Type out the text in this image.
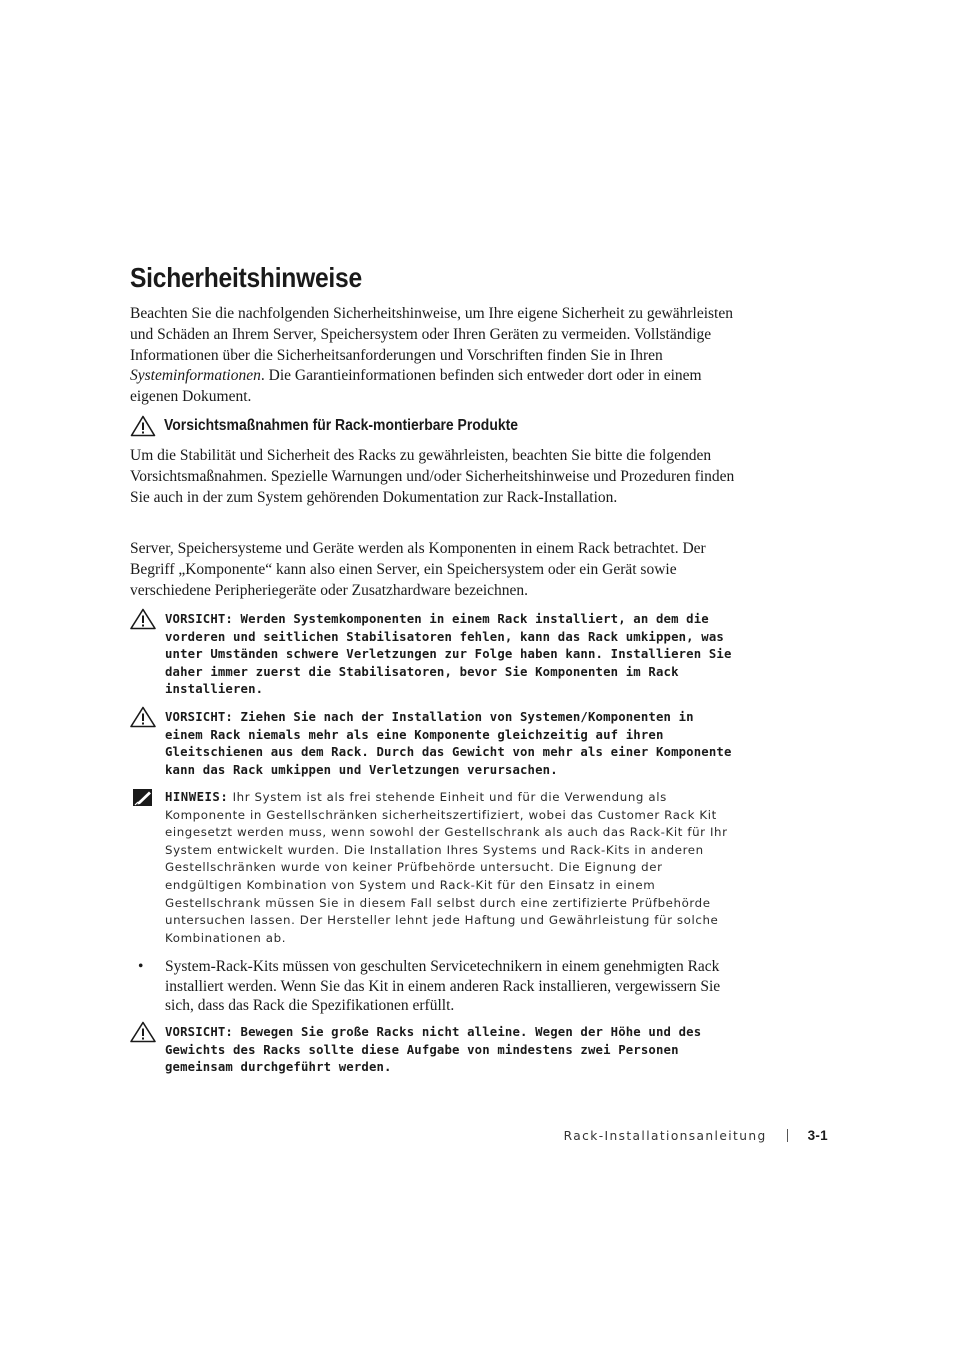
Sicherheitshinweise

Beachten Sie die nachfolgenden Sicherheitshinweise, um Ihre eigene Sicherheit zu gewährleisten und Schäden an Ihrem Server, Speichersystem oder Ihren Geräten zu vermeiden. Vollständige Informationen über die Sicherheitsanforderungen und Vorschriften finden Sie in Ihren Systeminformationen. Die Garantieinformationen befinden sich entweder dort oder in einem eigenen Dokument.

Vorsichtsmaßnahmen für Rack-montierbare Produkte

Um die Stabilität und Sicherheit des Racks zu gewährleisten, beachten Sie bitte die folgenden Vorsichtsmaßnahmen. Spezielle Warnungen und/oder Sicherheitshinweise und Prozeduren finden Sie auch in der zum System gehörenden Dokumentation zur Rack-Installation.

Server, Speichersysteme und Geräte werden als Komponenten in einem Rack betrachtet. Der Begriff „Komponente“ kann also einen Server, ein Speichersystem oder ein Gerät sowie verschiedene Peripheriegeräte oder Zusatzhardware bezeichnen.

VORSICHT: Werden Systemkomponenten in einem Rack installiert, an dem die vorderen und seitlichen Stabilisatoren fehlen, kann das Rack umkippen, was unter Umständen schwere Verletzungen zur Folge haben kann. Installieren Sie daher immer zuerst die Stabilisatoren, bevor Sie Komponenten im Rack installieren.

VORSICHT: Ziehen Sie nach der Installation von Systemen/Komponenten in einem Rack niemals mehr als eine Komponente gleichzeitig auf ihren Gleitschienen aus dem Rack. Durch das Gewicht von mehr als einer Komponente kann das Rack umkippen und Verletzungen verursachen.

HINWEIS: Ihr System ist als frei stehende Einheit und für die Verwendung als Komponente in Gestellschränken sicherheitszertifiziert, wobei das Customer Rack Kit eingesetzt werden muss, wenn sowohl der Gestellschrank als auch das Rack-Kit für Ihr System entwickelt wurden. Die Installation Ihres Systems und Rack-Kits in anderen Gestellschränken wurde von keiner Prüfbehörde untersucht. Die Eignung der endgültigen Kombination von System und Rack-Kit für den Einsatz in einem Gestellschrank müssen Sie in diesem Fall selbst durch eine zertifizierte Prüfbehörde untersuchen lassen. Der Hersteller lehnt jede Haftung und Gewährleistung für solche Kombinationen ab.

• System-Rack-Kits müssen von geschulten Servicetechnikern in einem genehmigten Rack installiert werden. Wenn Sie das Kit in einem anderen Rack installieren, vergewissern Sie sich, dass das Rack die Spezifikationen erfüllt.

VORSICHT: Bewegen Sie große Racks nicht alleine. Wegen der Höhe und des Gewichts des Racks sollte diese Aufgabe von mindestens zwei Personen gemeinsam durchgeführt werden.

Rack-Installationsanleitung	3-1
